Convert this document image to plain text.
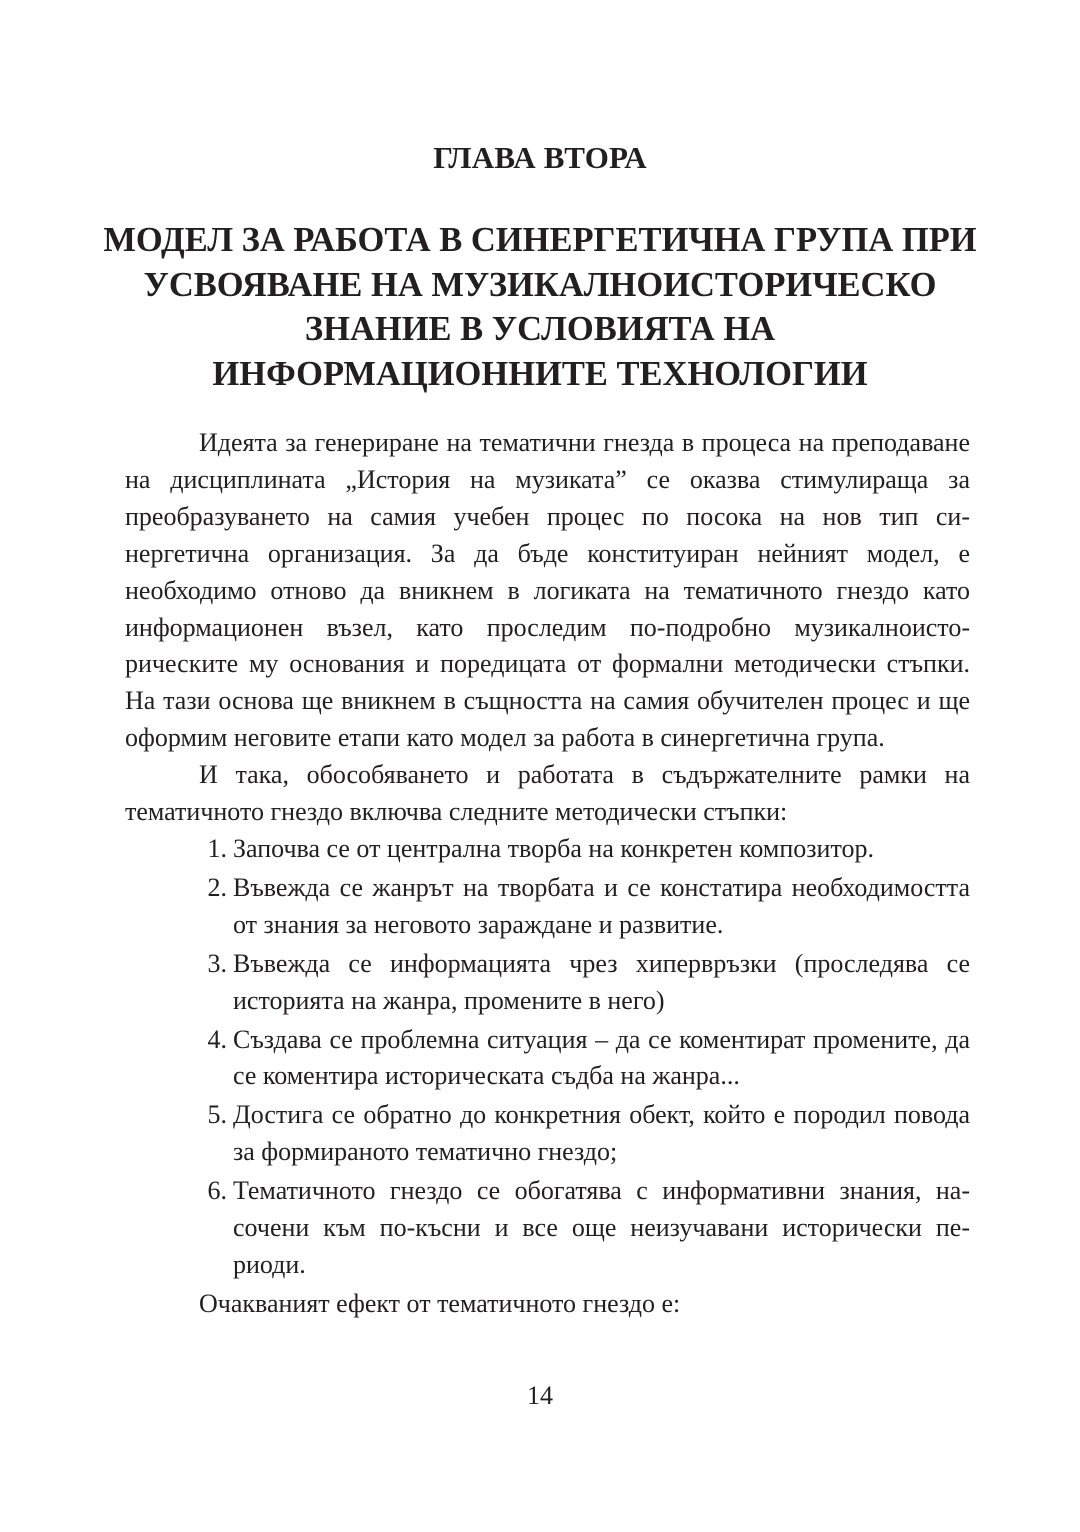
ГЛАВА ВТОРА
МОДЕЛ ЗА РАБОТА В СИНЕРГЕТИЧНА ГРУПА ПРИ
УСВОЯВАНЕ НА МУЗИКАЛНОИСТОРИЧЕСКО
ЗНАНИЕ В УСЛОВИЯТА НА
ИНФОРМАЦИОННИТЕ ТЕХНОЛОГИИ

Идеята за генериране на тематични гнезда в процеса на преподаване на дисциплината „История на музиката” се оказва стимулираща за преобразуването на самия учебен процес по посока на нов тип синергетична организация. За да бъде конституиран нейният модел, е необходимо отново да вникнем в логиката на тематичното гнездо като информационен възел, като проследим по-подробно музикалноисторическите му основания и поредицата от формални методически стъпки. На тази основа ще вникнем в същността на самия обучителен процес и ще оформим неговите етапи като модел за работа в синергетична група.

И така, обособяването и работата в съдържателните рамки на тематичното гнездо включва следните методически стъпки:

1. Започва се от централна творба на конкретен композитор.
2. Въвежда се жанрът на творбата и се констатира необходимостта от знания за неговото зараждане и развитие.
3. Въвежда се информацията чрез хипервръзки (проследява се историята на жанра, промените в него)
4. Създава се проблемна ситуация – да се коментират промените, да се коментира историческата съдба на жанра...
5. Достига се обратно до конкретния обект, който е породил повода за формираното тематично гнездо;
6. Тематичното гнездо се обогатява с информативни знания, насочени към по-късни и все още неизучавани исторически периоди.

Очакваният ефект от тематичното гнездо е:

14
